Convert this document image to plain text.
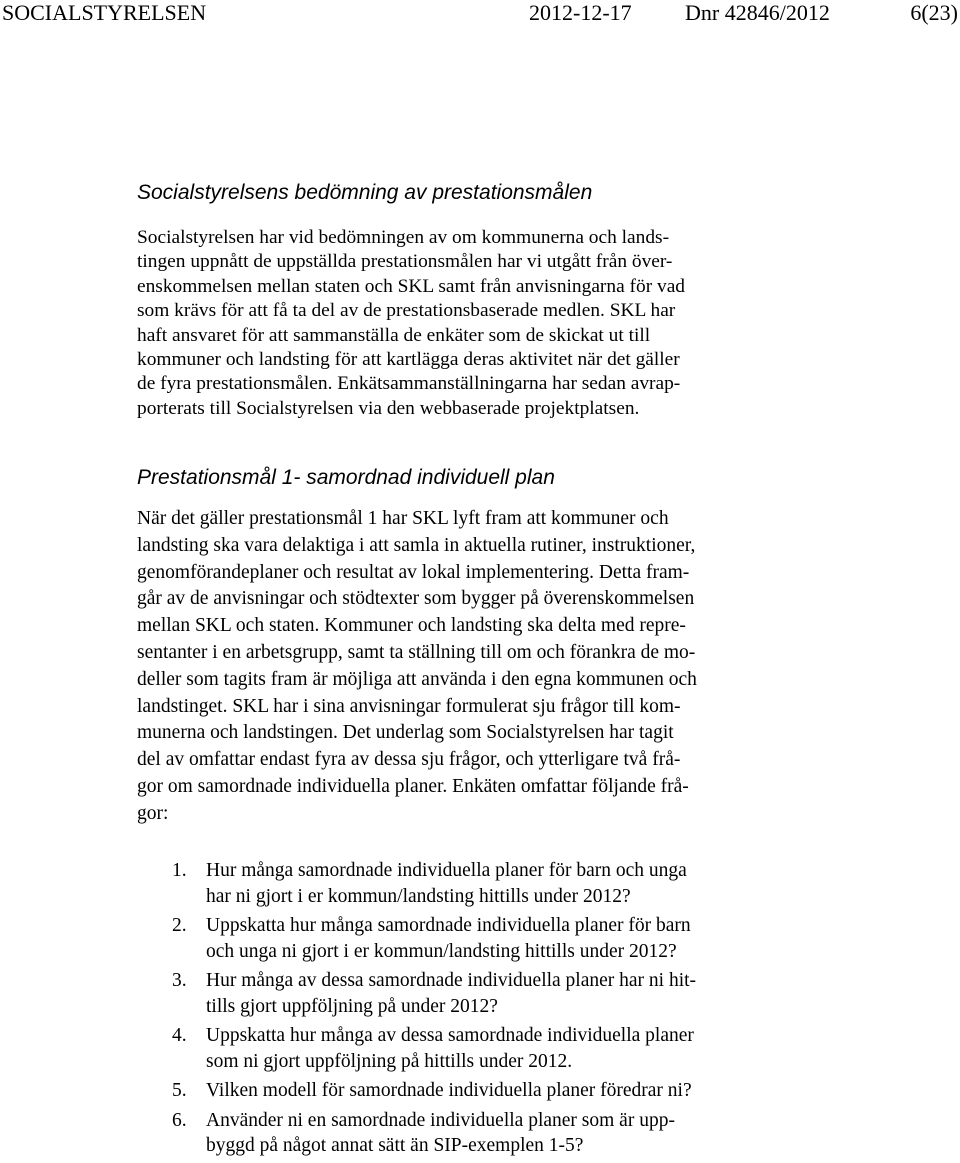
SOCIALSTYRELSEN	2012-12-17 Dnr 42846/2012	6(23)
Socialstyrelsens bedömning av prestationsmålen
Socialstyrelsen har vid bedömningen av om kommunerna och lands-
tingen uppnått de uppställda prestationsmålen har vi utgått från över-
enskommelsen mellan staten och SKL samt från anvisningarna för vad
som krävs för att få ta del av de prestationsbaserade medlen. SKL har
haft ansvaret för att sammanställa de enkäter som de skickat ut till
kommuner och landsting för att kartlägga deras aktivitet när det gäller
de fyra prestationsmålen. Enkätsammanställningarna har sedan avrap-
porterats till Socialstyrelsen via den webbaserade projektplatsen.
Prestationsmål 1- samordnad individuell plan
När det gäller prestationsmål 1 har SKL lyft fram att kommuner och
landsting ska vara delaktiga i att samla in aktuella rutiner, instruktioner,
genomförandeplaner och resultat av lokal implementering. Detta fram-
går av de anvisningar och stödtexter som bygger på överenskommelsen
mellan SKL och staten. Kommuner och landsting ska delta med repre-
sentanter i en arbetsgrupp, samt ta ställning till om och förankra de mo-
deller som tagits fram är möjliga att använda i den egna kommunen och
landstinget. SKL har i sina anvisningar formulerat sju frågor till kom-
munerna och landstingen. Det underlag som Socialstyrelsen har tagit
del av omfattar endast fyra av dessa sju frågor, och ytterligare två frå-
gor om samordnade individuella planer. Enkäten omfattar följande frå-
gor:
1. Hur många samordnade individuella planer för barn och unga
har ni gjort i er kommun/landsting hittills under 2012?
2. Uppskatta hur många samordnade individuella planer för barn
och unga ni gjort i er kommun/landsting hittills under 2012?
3. Hur många av dessa samordnade individuella planer har ni hit-
tills gjort uppföljning på under 2012?
4. Uppskatta hur många av dessa samordnade individuella planer
som ni gjort uppföljning på hittills under 2012.
5. Vilken modell för samordnade individuella planer föredrar ni?
6. Använder ni en samordnade individuella planer som är upp-
byggd på något annat sätt än SIP-exemplen 1-5?
